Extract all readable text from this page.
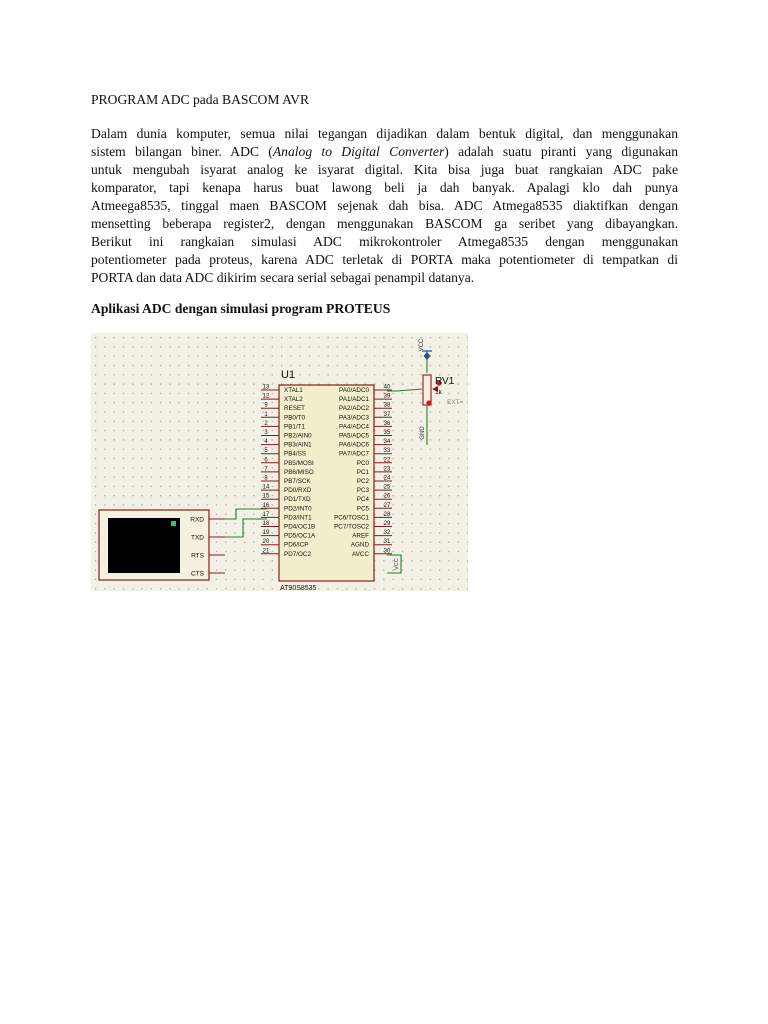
PROGRAM ADC pada BASCOM AVR
Dalam dunia komputer, semua nilai tegangan dijadikan dalam bentuk digital, dan menggunakan
sistem bilangan biner. ADC (Analog to Digital Converter) adalah suatu piranti yang digunakan
untuk mengubah isyarat analog ke isyarat digital. Kita bisa juga buat rangkaian ADC pake
komparator, tapi kenapa harus buat lawong beli ja dah banyak. Apalagi klo dah punya
Atmeega8535, tinggal maen BASCOM sejenak dah bisa. ADC Atmega8535 diaktifkan dengan
mensetting beberapa register2, dengan menggunakan BASCOM ga seribet yang dibayangkan.
Berikut ini rangkaian simulasi ADC mikrokontroler Atmega8535 dengan menggunakan
potentiometer pada proteus, karena ADC terletak di PORTA maka potentiometer di tempatkan di
PORTA dan data ADC dikirim secara serial sebagai penampil datanya.
Aplikasi ADC dengan simulasi program PROTEUS
U1
13 XTAL1
12 XTAL2
9	RESET
1	PB0/T0
2	PB1/T1
3	PB2/AIN0
4	PB3/AIN1
5	PB4/SS
6	PB5/MOSI
7	PB6/MISO
8	PB7/SCK
14 PD0/RXD
15 PD1/TXD
16 PD2/INT0
17 PD3/INT1
18 PD4/OC1B
19 PD5/OC1A
20 PD6/ICP
21 PD7/OC2
40
PA0/ADC0
39
PA1/ADC1
38
PA2/ADC2
37
PA3/ADC3
36
PA4/ADC4
35
PA5/ADC5
34
PA6/ADC6
33
PA7/ADC7
22
PC0
23
PC1
24
PC2
25
PC3
26
PC4
27
PC5
28
PC6/TOSC1
29
PC7/TOSC2
32
AREF
31
AGND
30
AVCC
AT90S8535
RXD
TXD
RTS
CTS
VCC
RV1
1k
EXT=
GND
VCC
